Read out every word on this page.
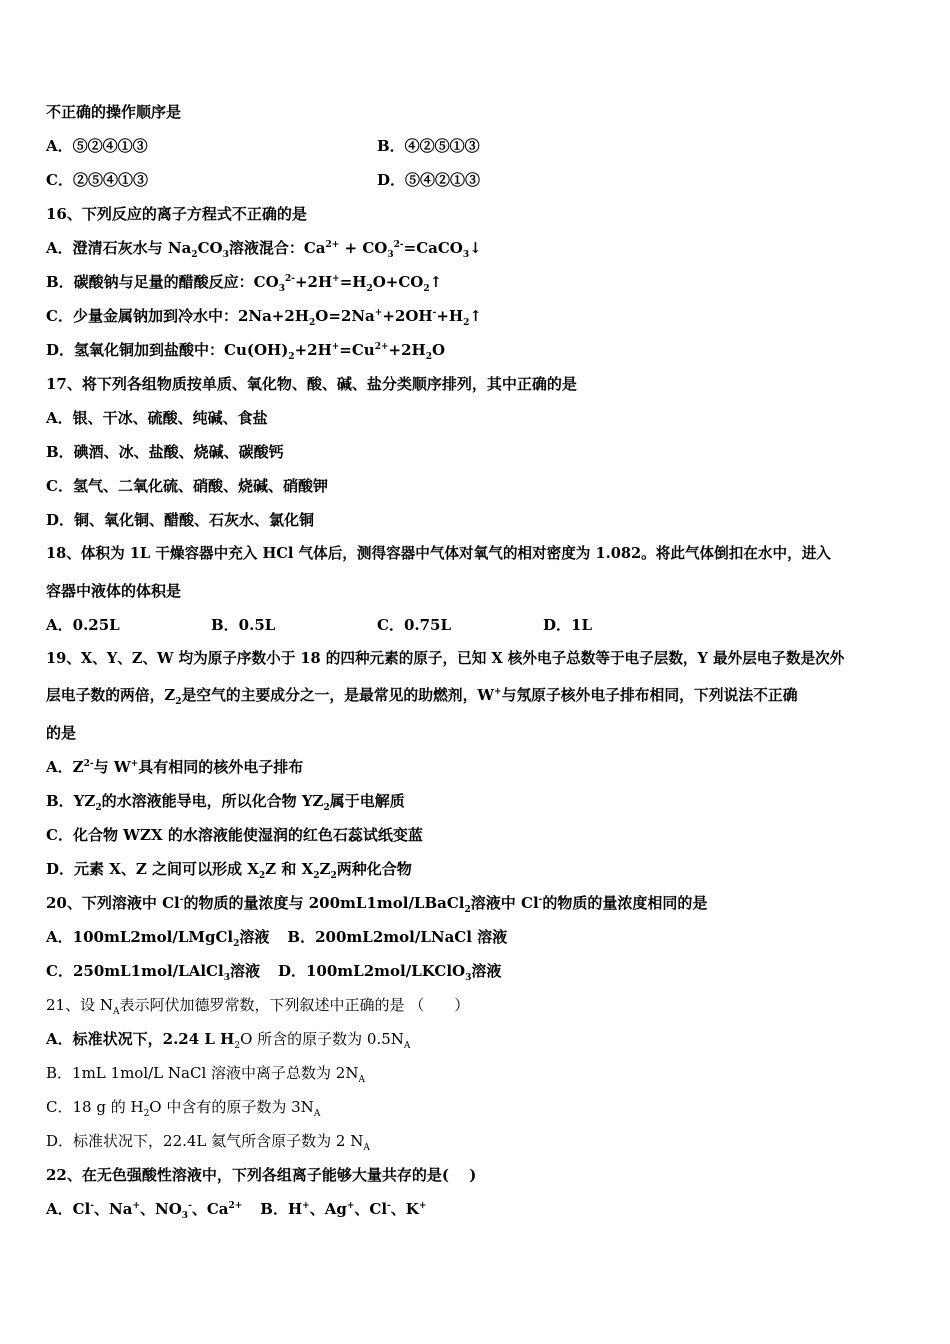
不正确的操作顺序是
A．⑤②④①③	B．④②⑤①③
C．②⑤④①③	D．⑤④②①③
16、下列反应的离子方程式不正确的是
A．澄清石灰水与 $Na_2CO_3$溶液混合：$Ca^{2+}$ + $CO_3^{2-}=CaCO_3↓$
B．碳酸钠与足量的醋酸反应：$CO_3^{2-}+2H^+=H_2O+CO_2↑$
C．少量金属钠加到冷水中：$2Na+2H_2O=2Na^++2OH^-+H_2↑$
D．氢氧化铜加到盐酸中：$Cu(OH)_2+2H^+=Cu^{2+}+2H_2O$
17、将下列各组物质按单质、氧化物、酸、碱、盐分类顺序排列，其中正确的是
A．银、干冰、硫酸、纯碱、食盐
B．碘酒、冰、盐酸、烧碱、碳酸钙
C．氢气、二氧化硫、硝酸、烧碱、硝酸钾
D．铜、氧化铜、醋酸、石灰水、氯化铜
18、体积为 1L 干燥容器中充入 HCl 气体后，测得容器中气体对氧气的相对密度为 1.082。将此气体倒扣在水中，进入
容器中液体的体积是
A．0.25L	B．0.5L	C．0.75L	D．1L
19、X、Y、Z、W 均为原子序数小于 18 的四种元素的原子，已知 X 核外电子总数等于电子层数，Y 最外层电子数是次外
层电子数的两倍，$Z_2$是空气的主要成分之一，是最常见的助燃剂，W+与氖原子核外电子排布相同，下列说法不正确
的是
A．$Z^{2-}$与 W+具有相同的核外电子排布
B．$YZ_2$的水溶液能导电，所以化合物 $YZ_2$属于电解质
C．化合物 WZX 的水溶液能使湿润的红色石蕊试纸变蓝
D．元素 X、Z 之间可以形成 $X_2Z$ 和 $X_2Z_2$两种化合物
20、下列溶液中 Cl-的物质的量浓度与 200mL1mol/LBaCl$_2$溶液中 Cl-的物质的量浓度相同的是
A．100mL2mol/LMgCl$_2$溶液 B．200mL2mol/LNaCl 溶液
C．250mL1mol/LAlCl$_3$溶液 D．100mL2mol/LKClO$_3$溶液
21、设 $N_A$表示阿伏加德罗常数，下列叙述中正确的是 （　　）
A．标准状况下，2.24 L $H_2O$ 所含的原子数为 $0.5N_A$
B．1mL 1mol/L NaCl 溶液中离子总数为 $2N_A$
C．18 g 的 $H_2O$ 中含有的原子数为 $3N_A$
D．标准状况下，22.4L 氦气所含原子数为 2 $N_A$
22、在无色强酸性溶液中，下列各组离子能够大量共存的是(　 )
A．Cl-、Na+、$NO_3^-$、$Ca^{2+}$ B．H+、Ag+、Cl-、K+
